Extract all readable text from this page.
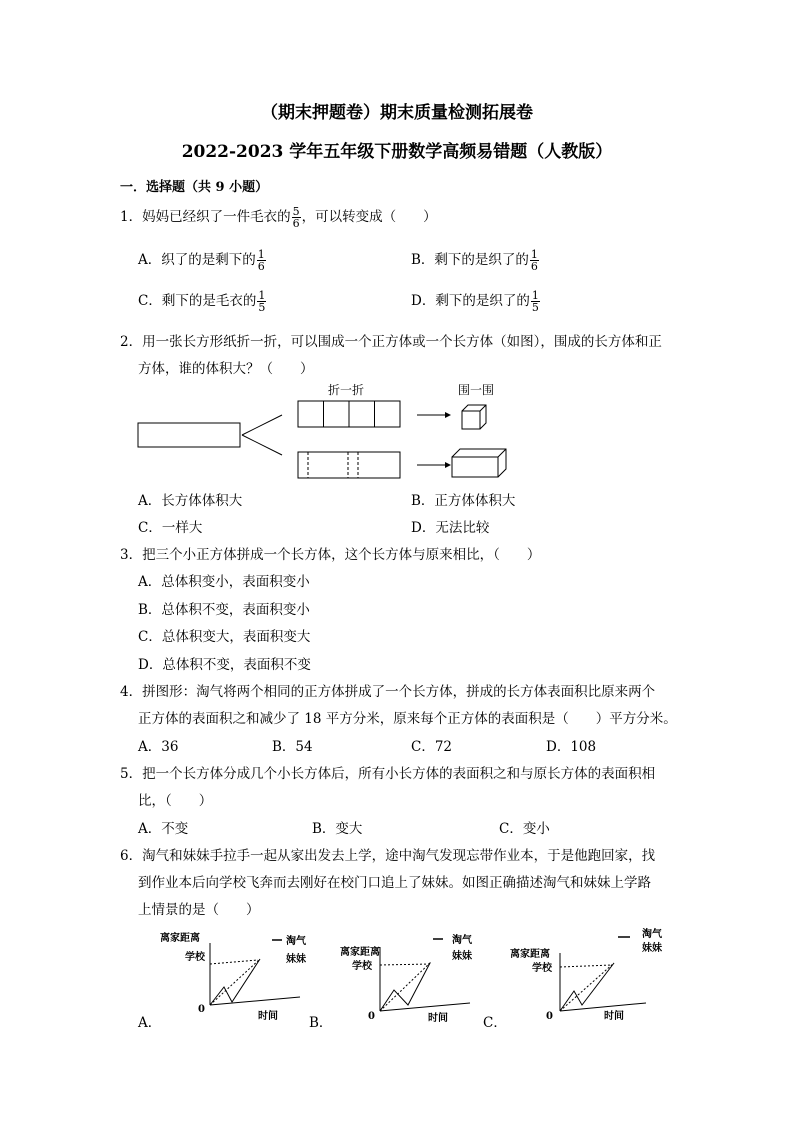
（期末押题卷）期末质量检测拓展卷
2022-2023 学年五年级下册数学高频易错题（人教版）
一．选择题（共 9 小题）
1．妈妈已经织了一件毛衣的 $\frac{5}{6}$ ，可以转变成（　　）
A．织了的是剩下的 $\frac{1}{6}$	B．剩下的是织了的 $\frac{1}{6}$
C．剩下的是毛衣的 $\frac{1}{5}$	D．剩下的是织了的 $\frac{1}{5}$
2．用一张长方形纸折一折，可以围成一个正方体或一个长方体（如图），围成的长方体和正
方体，谁的体积大？（　　）
折一折	围一围
A．长方体体积大	B．正方体体积大
C．一样大	D．无法比较
3．把三个小正方体拼成一个长方体，这个长方体与原来相比，（　　）
A．总体积变小，表面积变小
B．总体积不变，表面积变小
C．总体积变大，表面积变大
D．总体积不变，表面积不变
4．拼图形：淘气将两个相同的正方体拼成了一个长方体，拼成的长方体表面积比原来两个
正方体的表面积之和减少了 18 平方分米，原来每个正方体的表面积是（　　）平方分米。
A．36	B．54	C．72	D．108
5．把一个长方体分成几个小长方体后，所有小长方体的表面积之和与原长方体的表面积相
比，（　　）
A．不变	B．变大	C．变小
6．淘气和妹妹手拉手一起从家出发去上学，途中淘气发现忘带作业本，于是他跑回家，找
到作业本后向学校飞奔而去刚好在校门口追上了妹妹。如图正确描述淘气和妹妹上学路
上情景的是（　　）
离家距离
学校
0
时间
淘气
妹妹
A．
离家距离
学校
0	时间
淘气
妹妹
B．
离家距离
学校
0	时间
淘气
妹妹
C．
